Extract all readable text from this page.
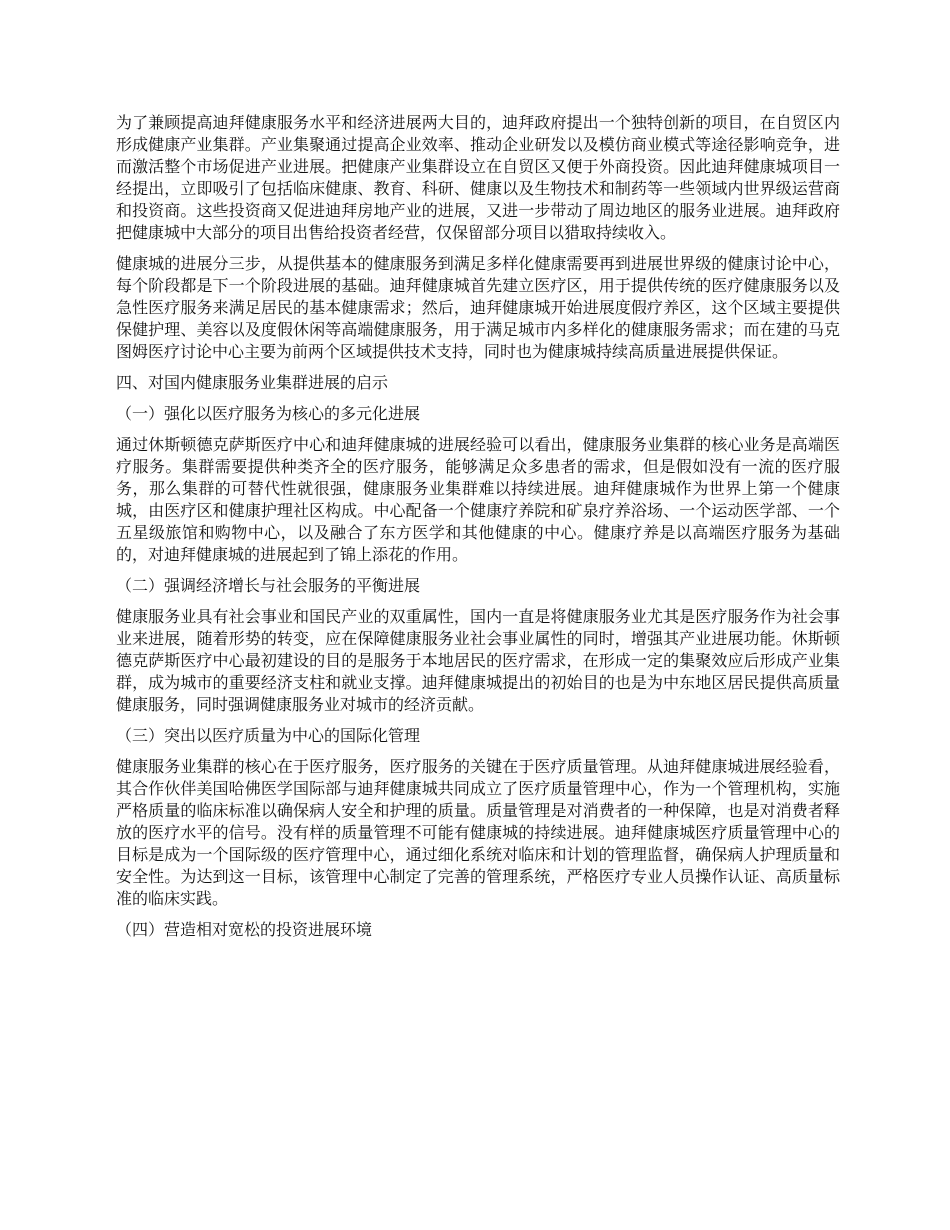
为了兼顾提高迪拜健康服务水平和经济进展两大目的，迪拜政府提出一个独特创新的项目，在自贸区内形成健康产业集群。产业集聚通过提高企业效率、推动企业研发以及模仿商业模式等途径影响竞争，进而激活整个市场促进产业进展。把健康产业集群设立在自贸区又便于外商投资。因此迪拜健康城项目一经提出，立即吸引了包括临床健康、教育、科研、健康以及生物技术和制药等一些领域内世界级运营商和投资商。这些投资商又促进迪拜房地产业的进展，又进一步带动了周边地区的服务业进展。迪拜政府把健康城中大部分的项目出售给投资者经营，仅保留部分项目以猎取持续收入。

健康城的进展分三步，从提供基本的健康服务到满足多样化健康需要再到进展世界级的健康讨论中心，每个阶段都是下一个阶段进展的基础。迪拜健康城首先建立医疗区，用于提供传统的医疗健康服务以及急性医疗服务来满足居民的基本健康需求；然后，迪拜健康城开始进展度假疗养区，这个区域主要提供保健护理、美容以及度假休闲等高端健康服务，用于满足城市内多样化的健康服务需求；而在建的马克图姆医疗讨论中心主要为前两个区域提供技术支持，同时也为健康城持续高质量进展提供保证。

四、对国内健康服务业集群进展的启示
（一）强化以医疗服务为核心的多元化进展

通过休斯顿德克萨斯医疗中心和迪拜健康城的进展经验可以看出，健康服务业集群的核心业务是高端医疗服务。集群需要提供种类齐全的医疗服务，能够满足众多患者的需求，但是假如没有一流的医疗服务，那么集群的可替代性就很强，健康服务业集群难以持续进展。迪拜健康城作为世界上第一个健康城，由医疗区和健康护理社区构成。中心配备一个健康疗养院和矿泉疗养浴场、一个运动医学部、一个五星级旅馆和购物中心，以及融合了东方医学和其他健康的中心。健康疗养是以高端医疗服务为基础的，对迪拜健康城的进展起到了锦上添花的作用。

（二）强调经济增长与社会服务的平衡进展

健康服务业具有社会事业和国民产业的双重属性，国内一直是将健康服务业尤其是医疗服务作为社会事业来进展，随着形势的转变，应在保障健康服务业社会事业属性的同时，增强其产业进展功能。休斯顿德克萨斯医疗中心最初建设的目的是服务于本地居民的医疗需求，在形成一定的集聚效应后形成产业集群，成为城市的重要经济支柱和就业支撑。迪拜健康城提出的初始目的也是为中东地区居民提供高质量健康服务，同时强调健康服务业对城市的经济贡献。

（三）突出以医疗质量为中心的国际化管理

健康服务业集群的核心在于医疗服务，医疗服务的关键在于医疗质量管理。从迪拜健康城进展经验看，其合作伙伴美国哈佛医学国际部与迪拜健康城共同成立了医疗质量管理中心，作为一个管理机构，实施严格质量的临床标准以确保病人安全和护理的质量。质量管理是对消费者的一种保障，也是对消费者释放的医疗水平的信号。没有样的质量管理不可能有健康城的持续进展。迪拜健康城医疗质量管理中心的目标是成为一个国际级的医疗管理中心，通过细化系统对临床和计划的管理监督，确保病人护理质量和安全性。为达到这一目标，该管理中心制定了完善的管理系统，严格医疗专业人员操作认证、高质量标准的临床实践。

（四）营造相对宽松的投资进展环境
